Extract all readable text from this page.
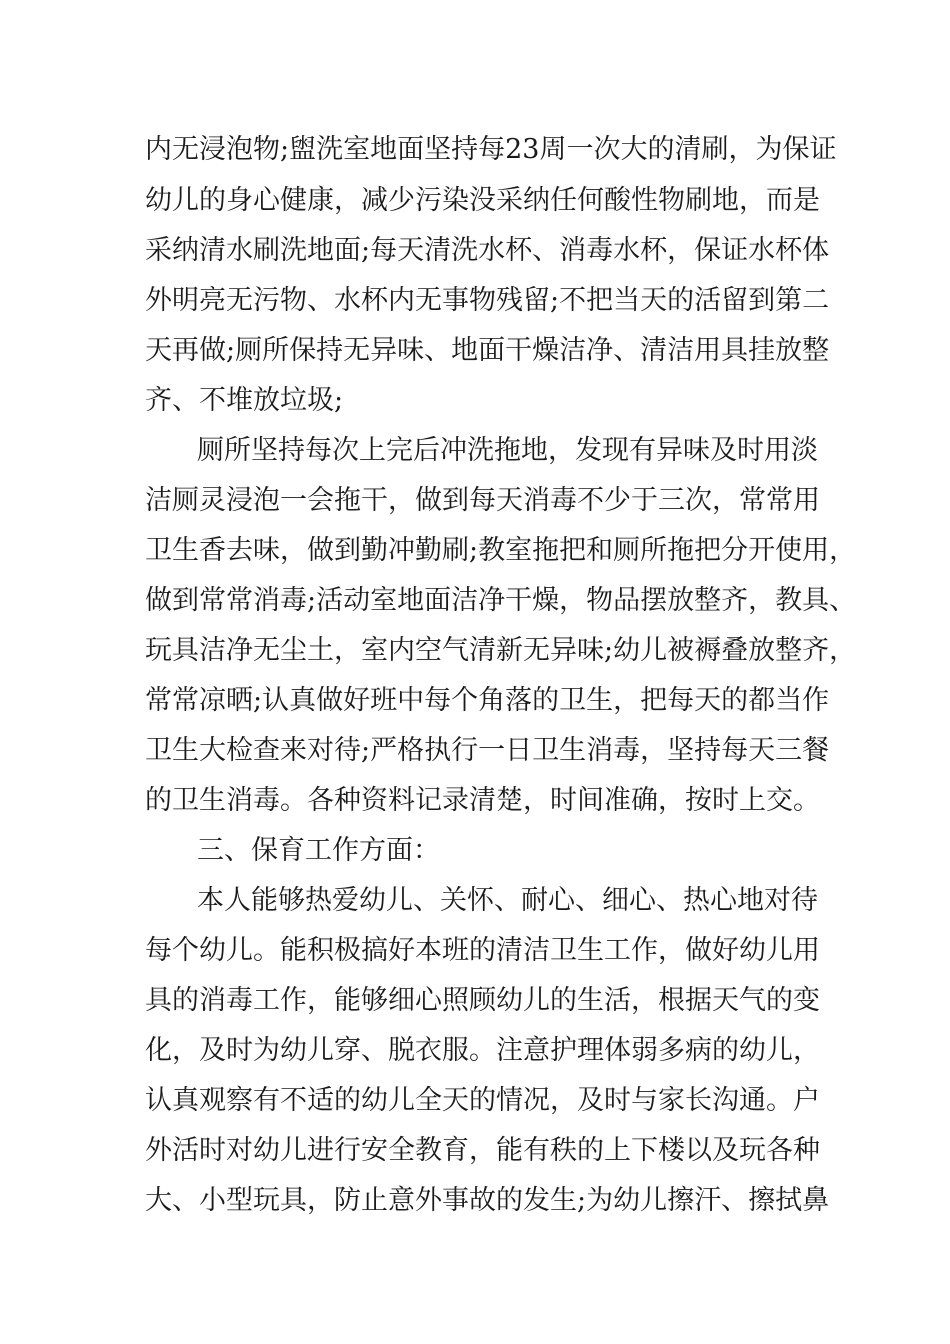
内无浸泡物;盥洗室地面坚持每23周一次大的清刷，为保证
幼儿的身心健康，减少污染没采纳任何酸性物刷地，而是
采纳清水刷洗地面;每天清洗水杯、消毒水杯，保证水杯体
外明亮无污物、水杯内无事物残留;不把当天的活留到第二
天再做;厕所保持无异味、地面干燥洁净、清洁用具挂放整
齐、不堆放垃圾;
厕所坚持每次上完后冲洗拖地，发现有异味及时用淡
洁厕灵浸泡一会拖干，做到每天消毒不少于三次，常常用
卫生香去味，做到勤冲勤刷;教室拖把和厕所拖把分开使用，
做到常常消毒;活动室地面洁净干燥，物品摆放整齐，教具、
玩具洁净无尘土，室内空气清新无异味;幼儿被褥叠放整齐，
常常凉晒;认真做好班中每个角落的卫生，把每天的都当作
卫生大检查来对待;严格执行一日卫生消毒，坚持每天三餐
的卫生消毒。各种资料记录清楚，时间准确，按时上交。
三、保育工作方面：
本人能够热爱幼儿、关怀、耐心、细心、热心地对待
每个幼儿。能积极搞好本班的清洁卫生工作，做好幼儿用
具的消毒工作，能够细心照顾幼儿的生活，根据天气的变
化，及时为幼儿穿、脱衣服。注意护理体弱多病的幼儿，
认真观察有不适的幼儿全天的情况，及时与家长沟通。户
外活时对幼儿进行安全教育，能有秩的上下楼以及玩各种
大、小型玩具，防止意外事故的发生;为幼儿擦汗、擦拭鼻
